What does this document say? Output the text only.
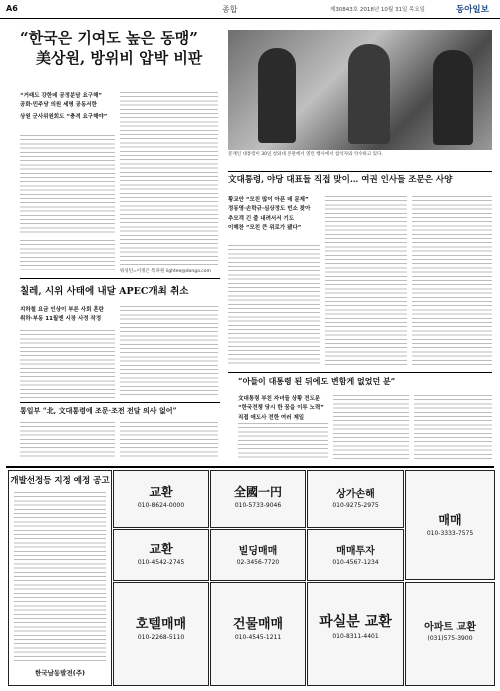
A6	종합	제30843호 2018년 10월 31일 목요일	동아일보
“한국은 기여도 높은 동맹”
美상원, 방위비 압박 비판
“거래도 강한데 공정분담 요구해”
공화·민주당 의원 세명 공동서한
상원 군사위원회도 “충격 요구해야”
워싱턴=이정은 특파원 lightee@donga.com
칠레, 시위 사태에 내달 APEC개최 취소
지하철 요금 인상이 부른 사회 혼란
취하·부동 11월엔 시장 사정 작정
통일부 “北, 文대통령에 조문·조전 전달 의사 없어”
문재인 대통령이 30일 청와대 본관에서 열린 행사에서 참석자와 악수하고 있다.
文대통령, 야당 대표들 직접 맞이… 여권 인사들 조문은 사양
황교안 “모친 많이 아픈 데 문제”
정동영·손학규·심상정도 빈소 찾아
추모객 긴 줄 내려서서 기도
이해찬 “모친 큰 위로가 됐다”
“아들이 대통령 된 뒤에도 변함게 없었던 분”
文대통령 부친 자녀들 상황 전도문
“한국전쟁 당시 한 꿈을 이루 노력”
직접 애도사 전한 여러 제일
개발선정등 지정 예정 공고
한국남동발전(주)
교환
010-8624-0000
全國一円
010-5733-9046
상가손해
010-9275-2975
교환
010-4542-2745
빌딩매매
02-3456-7720
매매투자
010-4567-1234
호텔매매
010-2268-5110
건물매매
010-4545-1211
파실분 교환
010-8311-4401
매매
010-3333-7575
아파트 교환
(031)575-3900
